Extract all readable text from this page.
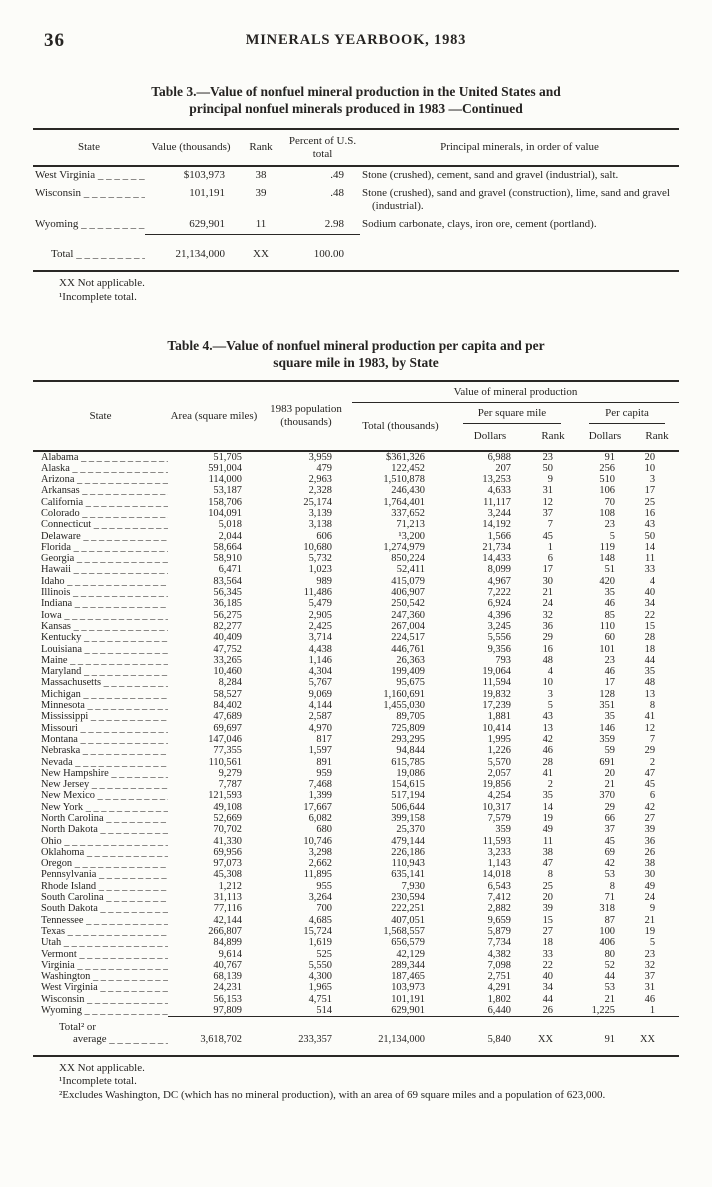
36	MINERALS YEARBOOK, 1983
Table 3.—Value of nonfuel mineral production in the United States and
principal nonfuel minerals produced in 1983 —Continued
State	Value (thousands)	Rank	Percent of U.S. total	Principal minerals, in order of value
West Virginia _ _ _	$103,973	38	.49	Stone (crushed), cement, sand and gravel (industrial), salt.
Wisconsin _ _ _	101,191	39	.48	Stone (crushed), sand and gravel (construction), lime, sand and gravel (industrial).
Wyoming _ _ _	629,901	11	2.98	Sodium carbonate, clays, iron ore, cement (portland).
Total _ _ _	21,134,000	XX	100.00	

XX Not applicable.

¹Incomplete total.

Table 4.—Value of nonfuel mineral production per capita and per
square mile in 1983, by State
State	Area (square miles)	1983 population (thousands)	Value of mineral production				
			Total (thousands)	Per square mile		Per capita	
				Dollars	Rank	Dollars	Rank
Alabama _ _ _	51,705	3,959	$361,326	6,988	23	91	20
Alaska _ _ _	591,004	479	122,452	207	50	256	10
Arizona _ _ _	114,000	2,963	1,510,878	13,253	9	510	3
Arkansas _ _ _	53,187	2,328	246,430	4,633	31	106	17
California _ _ _	158,706	25,174	1,764,401	11,117	12	70	25
Colorado _ _ _	104,091	3,139	337,652	3,244	37	108	16
Connecticut _ _ _	5,018	3,138	71,213	14,192	7	23	43
Delaware _ _ _	2,044	606	¹3,200	1,566	45	5	50
Florida _ _ _	58,664	10,680	1,274,979	21,734	1	119	14
Georgia _ _ _	58,910	5,732	850,224	14,433	6	148	11
Hawaii _ _ _	6,471	1,023	52,411	8,099	17	51	33
Idaho _ _ _	83,564	989	415,079	4,967	30	420	4
Illinois _ _ _	56,345	11,486	406,907	7,222	21	35	40
Indiana _ _ _	36,185	5,479	250,542	6,924	24	46	34
Iowa _ _ _	56,275	2,905	247,360	4,396	32	85	22
Kansas _ _ _	82,277	2,425	267,004	3,245	36	110	15
Kentucky _ _ _	40,409	3,714	224,517	5,556	29	60	28
Louisiana _ _ _	47,752	4,438	446,761	9,356	16	101	18
Maine _ _ _	33,265	1,146	26,363	793	48	23	44
Maryland _ _ _	10,460	4,304	199,409	19,064	4	46	35
Massachusetts _ _ _	8,284	5,767	95,675	11,594	10	17	48
Michigan _ _ _	58,527	9,069	1,160,691	19,832	3	128	13
Minnesota _ _ _	84,402	4,144	1,455,030	17,239	5	351	8
Mississippi _ _ _	47,689	2,587	89,705	1,881	43	35	41
Missouri _ _ _	69,697	4,970	725,809	10,414	13	146	12
Montana _ _ _	147,046	817	293,295	1,995	42	359	7
Nebraska _ _ _	77,355	1,597	94,844	1,226	46	59	29
Nevada _ _ _	110,561	891	615,785	5,570	28	691	2
New Hampshire _ _ _	9,279	959	19,086	2,057	41	20	47
New Jersey _ _ _	7,787	7,468	154,615	19,856	2	21	45
New Mexico _ _ _	121,593	1,399	517,194	4,254	35	370	6
New York _ _ _	49,108	17,667	506,644	10,317	14	29	42
North Carolina _ _ _	52,669	6,082	399,158	7,579	19	66	27
North Dakota _ _ _	70,702	680	25,370	359	49	37	39
Ohio _ _ _	41,330	10,746	479,144	11,593	11	45	36
Oklahoma _ _ _	69,956	3,298	226,186	3,233	38	69	26
Oregon _ _ _	97,073	2,662	110,943	1,143	47	42	38
Pennsylvania _ _ _	45,308	11,895	635,141	14,018	8	53	30
Rhode Island _ _ _	1,212	955	7,930	6,543	25	8	49
South Carolina _ _ _	31,113	3,264	230,594	7,412	20	71	24
South Dakota _ _ _	77,116	700	222,251	2,882	39	318	9
Tennessee _ _ _	42,144	4,685	407,051	9,659	15	87	21
Texas _ _ _	266,807	15,724	1,568,557	5,879	27	100	19
Utah _ _ _	84,899	1,619	656,579	7,734	18	406	5
Vermont _ _ _	9,614	525	42,129	4,382	33	80	23
Virginia _ _ _	40,767	5,550	289,344	7,098	22	52	32
Washington _ _ _	68,139	4,300	187,465	2,751	40	44	37
West Virginia _ _ _	24,231	1,965	103,973	4,291	34	53	31
Wisconsin _ _ _	56,153	4,751	101,191	1,802	44	21	46
Wyoming _ _ _	97,809	514	629,901	6,440	26	1,225	1

Total² or
average _ _ _	3,618,702	233,357	21,134,000	5,840	XX	91	XX

XX Not applicable.

¹Incomplete total.

²Excludes Washington, DC (which has no mineral production), with an area of 69 square miles and a population of 623,000.
